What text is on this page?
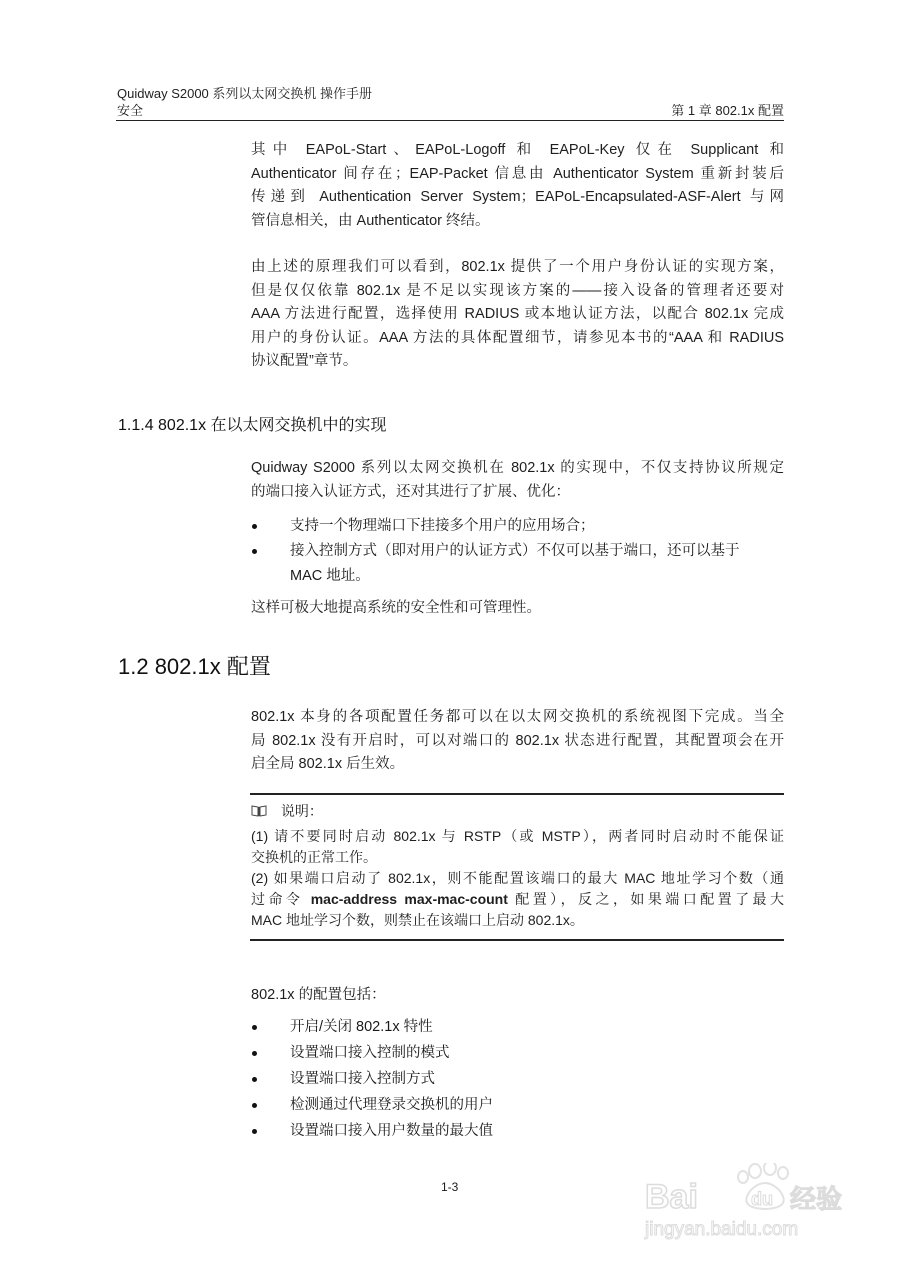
Quidway S2000 系列以太网交换机 操作手册
安全	第 1 章 802.1x 配置
其中 EAPoL-Start、EAPoL-Logoff 和 EAPoL-Key 仅在 Supplicant 和
Authenticator 间存在；EAP-Packet 信息由 Authenticator System 重新封装后
传递到 Authentication Server System；EAPoL-Encapsulated-ASF-Alert 与网
管信息相关，由 Authenticator 终结。
由上述的原理我们可以看到，802.1x 提供了一个用户身份认证的实现方案，
但是仅仅依靠 802.1x 是不足以实现该方案的——接入设备的管理者还要对
AAA 方法进行配置，选择使用 RADIUS 或本地认证方法，以配合 802.1x 完成
用户的身份认证。AAA 方法的具体配置细节，请参见本书的“AAA 和 RADIUS
协议配置”章节。
1.1.4 802.1x 在以太网交换机中的实现
Quidway S2000 系列以太网交换机在 802.1x 的实现中，不仅支持协议所规定
的端口接入认证方式，还对其进行了扩展、优化：
支持一个物理端口下挂接多个用户的应用场合；
接入控制方式（即对用户的认证方式）不仅可以基于端口，还可以基于
MAC 地址。
这样可极大地提高系统的安全性和可管理性。
1.2 802.1x 配置
802.1x 本身的各项配置任务都可以在以太网交换机的系统视图下完成。当全
局 802.1x 没有开启时，可以对端口的 802.1x 状态进行配置，其配置项会在开
启全局 802.1x 后生效。
说明：
(1) 请不要同时启动 802.1x 与 RSTP（或 MSTP），两者同时启动时不能保证
交换机的正常工作。
(2) 如果端口启动了 802.1x，则不能配置该端口的最大 MAC 地址学习个数（通
过命令 mac-address max-mac-count 配置），反之，如果端口配置了最大
MAC 地址学习个数，则禁止在该端口上启动 802.1x。
802.1x 的配置包括：
开启/关闭 802.1x 特性
设置端口接入控制的模式
设置端口接入控制方式
检测通过代理登录交换机的用户
设置端口接入用户数量的最大值
1-3	Bai	du 经验
jingyan.baidu.com
